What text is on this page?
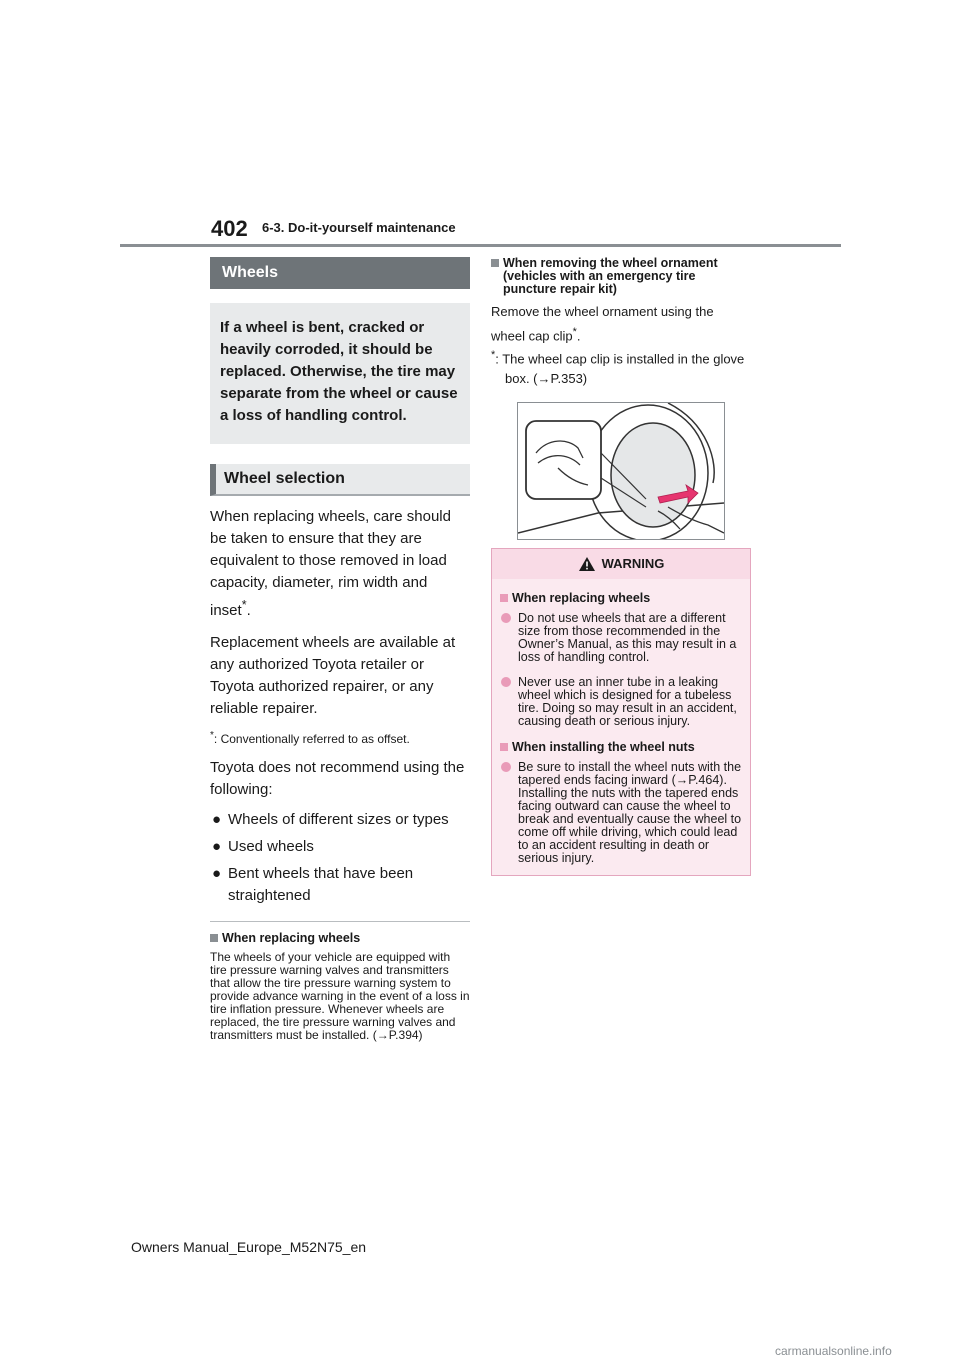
402 6-3. Do-it-yourself maintenance
Wheels
If a wheel is bent, cracked or heavily corroded, it should be replaced. Otherwise, the tire may separate from the wheel or cause a loss of handling control.
Wheel selection

When replacing wheels, care should be taken to ensure that they are equivalent to those removed in load capacity, diameter, rim width and inset*.

Replacement wheels are available at any authorized Toyota retailer or Toyota authorized repairer, or any reliable repairer.

*: Conventionally referred to as offset.

Toyota does not recommend using the following:

● Wheels of different sizes or types
● Used wheels
● Bent wheels that have been straightened
When replacing wheels

The wheels of your vehicle are equipped with tire pressure warning valves and transmitters that allow the tire pressure warning system to provide advance warning in the event of a loss in tire inflation pressure. Whenever wheels are replaced, the tire pressure warning valves and transmitters must be installed. (→P.394)

When removing the wheel ornament (vehicles with an emergency tire puncture repair kit)

Remove the wheel ornament using the wheel cap clip*.

*: The wheel cap clip is installed in the glove box. (→P.353)

WARNING
When replacing wheels
Do not use wheels that are a different size from those recommended in the Owner’s Manual, as this may result in a loss of handling control.
Never use an inner tube in a leaking wheel which is designed for a tubeless tire. Doing so may result in an accident, causing death or serious injury.
When installing the wheel nuts
Be sure to install the wheel nuts with the tapered ends facing inward (→P.464). Installing the nuts with the tapered ends facing outward can cause the wheel to break and eventually cause the wheel to come off while driving, which could lead to an accident resulting in death or serious injury.
Owners Manual_Europe_M52N75_en
carmanualsonline.info
